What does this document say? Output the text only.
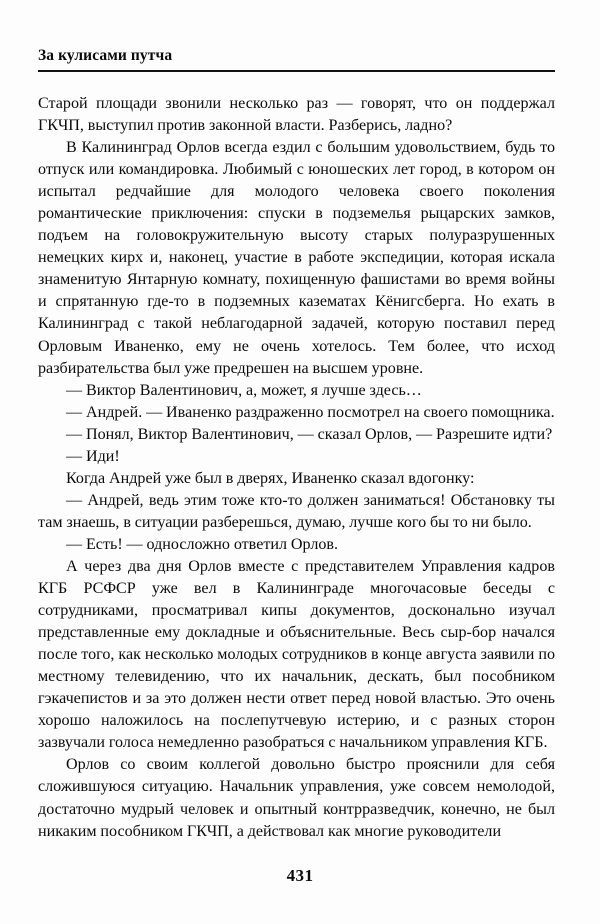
За кулисами путча

Старой площади звонили несколько раз — говорят, что он поддержал ГКЧП, выступил против законной власти. Разберись, ладно?

В Калининград Орлов всегда ездил с большим удовольствием, будь то отпуск или командировка. Любимый с юношеских лет город, в котором он испытал редчайшие для молодого человека своего поколения романтические приключения: спуски в подземелья рыцарских замков, подъем на головокружительную высоту старых полуразрушенных немецких кирх и, наконец, участие в работе экспедиции, которая искала знаменитую Янтарную комнату, похищенную фашистами во время войны и спрятанную где-то в подземных казематах Кёнигсберга. Но ехать в Калининград с такой неблагодарной задачей, которую поставил перед Орловым Иваненко, ему не очень хотелось. Тем более, что исход разбирательства был уже предрешен на высшем уровне.

— Виктор Валентинович, а, может, я лучше здесь…

— Андрей. — Иваненко раздраженно посмотрел на своего помощника.

— Понял, Виктор Валентинович, — сказал Орлов, — Разрешите идти?

— Иди!

Когда Андрей уже был в дверях, Иваненко сказал вдогонку:

— Андрей, ведь этим тоже кто-то должен заниматься! Обстановку ты там знаешь, в ситуации разберешься, думаю, лучше кого бы то ни было.

— Есть! — односложно ответил Орлов.

А через два дня Орлов вместе с представителем Управления кадров КГБ РСФСР уже вел в Калининграде многочасовые беседы с сотрудниками, просматривал кипы документов, досконально изучал представленные ему докладные и объяснительные. Весь сыр-бор начался после того, как несколько молодых сотрудников в конце августа заявили по местному телевидению, что их начальник, дескать, был пособником гэкачепистов и за это должен нести ответ перед новой властью. Это очень хорошо наложилось на послепутчевую истерию, и с разных сторон зазвучали голоса немедленно разобраться с начальником управления КГБ.

Орлов со своим коллегой довольно быстро прояснили для себя сложившуюся ситуацию. Начальник управления, уже совсем немолодой, достаточно мудрый человек и опытный контрразведчик, конечно, не был никаким пособником ГКЧП, а действовал как многие руководители

431
